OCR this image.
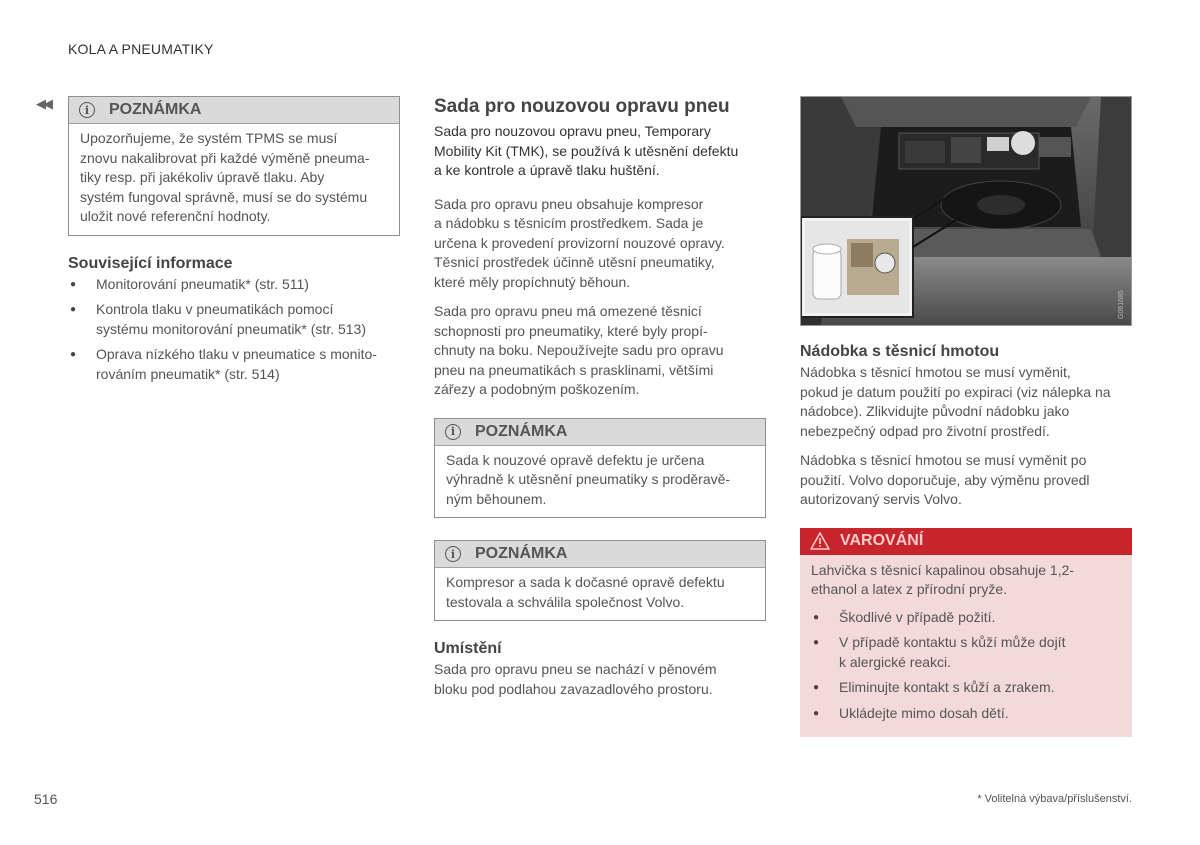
KOLA A PNEUMATIKY
◀◀	i	POZNÁMKA
Upozorňujeme, že systém TPMS se musí
znovu nakalibrovat při každé výměně pneuma-
tiky resp. při jakékoliv úpravě tlaku. Aby
systém fungoval správně, musí se do systému
uložit nové referenční hodnoty.
Související informace
● Monitorování pneumatik* (str. 511)
● Kontrola tlaku v pneumatikách pomocí
systému monitorování pneumatik* (str. 513)
● Oprava nízkého tlaku v pneumatice s monito-
rováním pneumatik* (str. 514)
Sada pro nouzovou opravu pneu
Sada pro nouzovou opravu pneu, Temporary
Mobility Kit (TMK), se používá k utěsnění defektu
a ke kontrole a úpravě tlaku huštění.

Sada pro opravu pneu obsahuje kompresor
a nádobku s těsnicím prostředkem. Sada je
určena k provedení provizorní nouzové opravy.
Těsnicí prostředek účinně utěsní pneumatiky,
které měly propíchnutý běhoun.

Sada pro opravu pneu má omezené těsnicí
schopnosti pro pneumatiky, které byly propí-
chnuty na boku. Nepoužívejte sadu pro opravu
pneu na pneumatikách s prasklinami, většími
zářezy a podobným poškozením.

i	POZNÁMKA
Sada k nouzové opravě defektu je určena
výhradně k utěsnění pneumatiky s proděravě-
ným běhounem.
i	POZNÁMKA
Kompresor a sada k dočasné opravě defektu
testovala a schválila společnost Volvo.
Umístění

Sada pro opravu pneu se nachází v pěnovém
bloku pod podlahou zavazadlového prostoru.

G061685
Nádobka s těsnicí hmotou

Nádobka s těsnicí hmotou se musí vyměnit,
pokud je datum použití po expiraci (viz nálepka na
nádobce). Zlikvidujte původní nádobku jako
nebezpečný odpad pro životní prostředí.

Nádobka s těsnicí hmotou se musí vyměnit po
použití. Volvo doporučuje, aby výměnu provedl
autorizovaný servis Volvo.

VAROVÁNÍ
Lahvička s těsnicí kapalinou obsahuje 1,2-
ethanol a latex z přírodní pryže.
● Škodlivé v případě požití.
● V případě kontaktu s kůží může dojít
k alergické reakci.
● Eliminujte kontakt s kůží a zrakem.
● Ukládejte mimo dosah dětí.
516	* Volitelná výbava/příslušenství.
